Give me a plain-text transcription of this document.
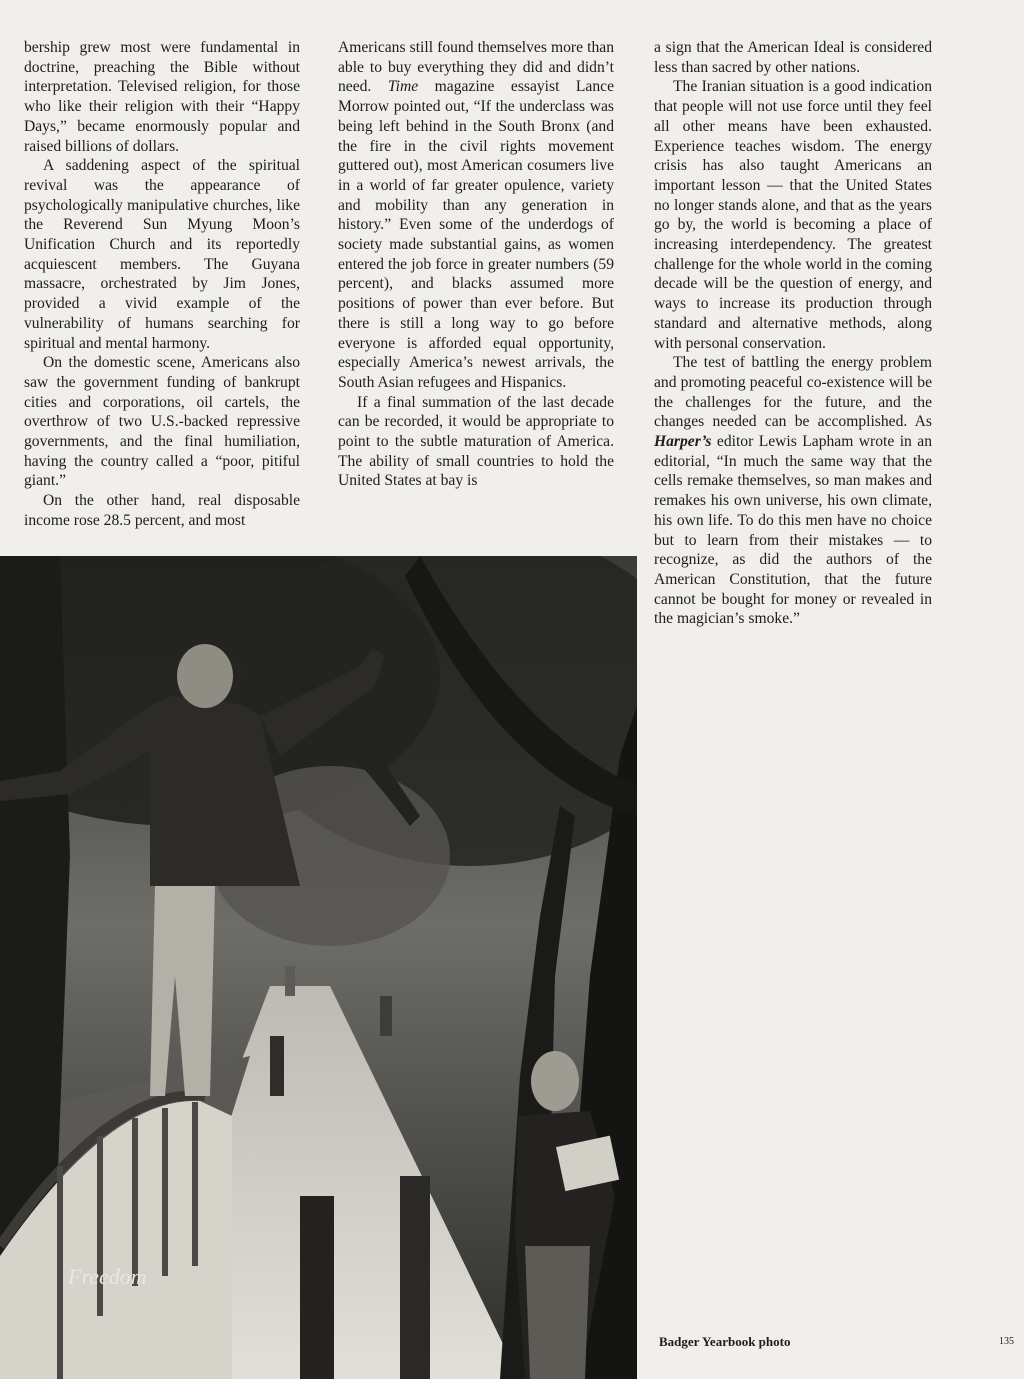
bership grew most were fundamental in doctrine, preaching the Bible without interpretation. Televised religion, for those who like their religion with their “Happy Days,” became enormously popular and raised billions of dollars.

A saddening aspect of the spiritual revival was the appearance of psychologically manipulative churches, like the Reverend Sun Myung Moon’s Unification Church and its reportedly acquiescent members. The Guyana massacre, orchestrated by Jim Jones, provided a vivid example of the vulnerability of humans searching for spiritual and mental harmony.

On the domestic scene, Americans also saw the government funding of bankrupt cities and corporations, oil cartels, the overthrow of two U.S.-backed repressive governments, and the final humiliation, having the country called a “poor, pitiful giant.”

On the other hand, real disposable income rose 28.5 percent, and most

Americans still found themselves more than able to buy everything they did and didn’t need. Time magazine essayist Lance Morrow pointed out, “If the underclass was being left behind in the South Bronx (and the fire in the civil rights movement guttered out), most American cosumers live in a world of far greater opulence, variety and mobility than any generation in history.” Even some of the underdogs of society made substantial gains, as women entered the job force in greater numbers (59 percent), and blacks assumed more positions of power than ever before. But there is still a long way to go before everyone is afforded equal opportunity, especially America’s newest arrivals, the South Asian refugees and Hispanics.

If a final summation of the last decade can be recorded, it would be appropriate to point to the subtle maturation of America. The ability of small countries to hold the United States at bay is

a sign that the American Ideal is considered less than sacred by other nations.

The Iranian situation is a good indication that people will not use force until they feel all other means have been exhausted. Experience teaches wisdom. The energy crisis has also taught Americans an important lesson — that the United States no longer stands alone, and that as the years go by, the world is becoming a place of increasing interdependency. The greatest challenge for the whole world in the coming decade will be the question of energy, and ways to increase its production through standard and alternative methods, along with personal conservation.

The test of battling the energy problem and promoting peaceful co-existence will be the challenges for the future, and the changes needed can be accomplished. As Harper’s editor Lewis Lapham wrote in an editorial, “In much the same way that the cells remake themselves, so man makes and remakes his own universe, his own climate, his own life. To do this men have no choice but to learn from their mistakes — to recognize, as did the authors of the American Constitution, that the future cannot be bought for money or revealed in the magician’s smoke.”

Freedom
Badger Yearbook photo	135
